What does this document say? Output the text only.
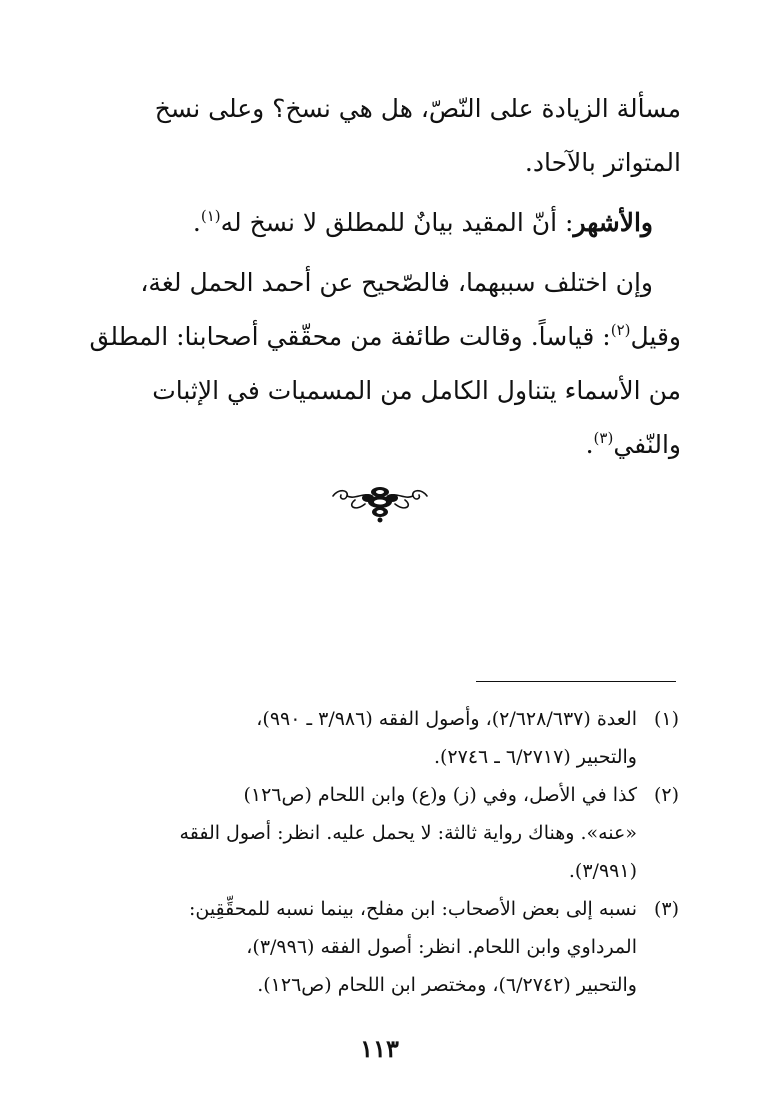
مسألة الزيادة على النّصّ، هل هي نسخ؟ وعلى نسخ
المتواتر بالآحاد.

والأشهر: أنّ المقيد بيانٌ للمطلق لا نسخ له$^{(١)}$.

وإن اختلف سببهما، فالصّحيح عن أحمد الحمل لغة،
وقيل$^{(٢)}$: قياساً. وقالت طائفة من محقّقي أصحابنا: المطلق
من الأسماء يتناول الكامل من المسميات في الإثبات
والنّفي$^{(٣)}$.

(١)
العدة (٢/٦٢٨/٦٣٧)، وأصول الفقه (٣/٩٨٦ ـ ٩٩٠)،
والتحبير (٦/٢٧١٧ ـ ٢٧٤٦).
(٢)
كذا في الأصل، وفي (ز) و(ع) وابن اللحام (ص١٢٦)
«عنه». وهناك رواية ثالثة: لا يحمل عليه. انظر: أصول الفقه
(٣/٩٩١).
(٣)
نسبه إلى بعض الأصحاب: ابن مفلح، بينما نسبه للمحقِّقِين:
المرداوي وابن اللحام. انظر: أصول الفقه (٣/٩٩٦)،
والتحبير (٦/٢٧٤٢)، ومختصر ابن اللحام (ص١٢٦).
١١٣
